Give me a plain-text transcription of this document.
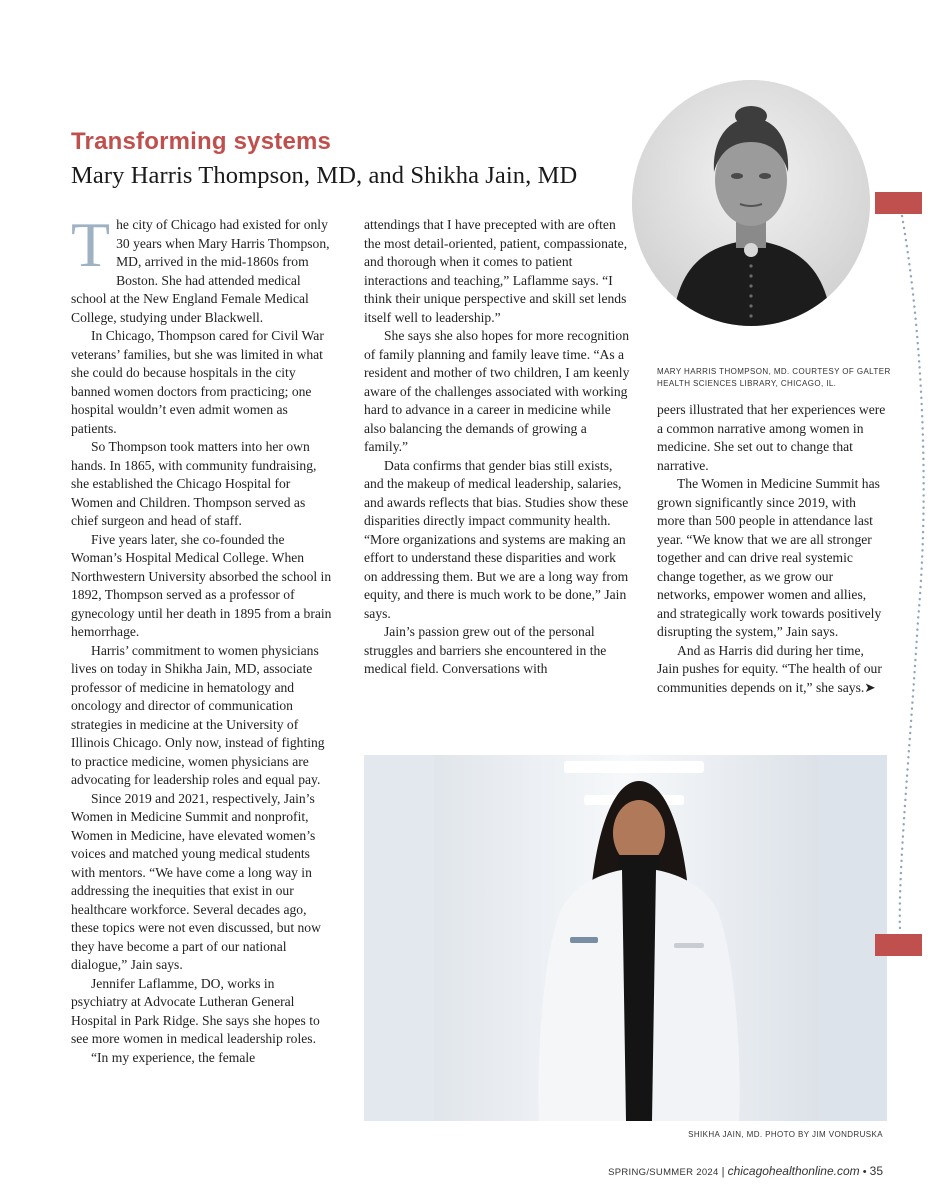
Transforming systems
Mary Harris Thompson, MD, and Shikha Jain, MD

The city of Chicago had existed for only 30 years when Mary Harris Thompson, MD, arrived in the mid-1860s from Boston. She had attended medical school at the New England Female Medical College, studying under Blackwell.

In Chicago, Thompson cared for Civil War veterans’ families, but she was limited in what she could do because hospitals in the city banned women doctors from practicing; one hospital wouldn’t even admit women as patients.

So Thompson took matters into her own hands. In 1865, with community fundraising, she established the Chicago Hospital for Women and Children. Thompson served as chief surgeon and head of staff.

Five years later, she co-founded the Woman’s Hospital Medical College. When Northwestern University absorbed the school in 1892, Thompson served as a professor of gynecology until her death in 1895 from a brain hemorrhage.

Harris’ commitment to women physicians lives on today in Shikha Jain, MD, associate professor of medicine in hematology and oncology and director of communication strategies in medicine at the University of Illinois Chicago. Only now, instead of fighting to practice medicine, women physicians are advocating for leadership roles and equal pay.

Since 2019 and 2021, respectively, Jain’s Women in Medicine Summit and nonprofit, Women in Medicine, have elevated women’s voices and matched young medical students with mentors. “We have come a long way in addressing the inequities that exist in our healthcare workforce. Several decades ago, these topics were not even discussed, but now they have become a part of our national dialogue,” Jain says.

Jennifer Laflamme, DO, works in psychiatry at Advocate Lutheran General Hospital in Park Ridge. She says she hopes to see more women in medical leadership roles.

“In my experience, the female

attendings that I have precepted with are often the most detail-oriented, patient, compassionate, and thorough when it comes to patient interactions and teaching,” Laflamme says. “I think their unique perspective and skill set lends itself well to leadership.”

She says she also hopes for more recognition of family planning and family leave time. “As a resident and mother of two children, I am keenly aware of the challenges associated with working hard to advance in a career in medicine while also balancing the demands of growing a family.”

Data confirms that gender bias still exists, and the makeup of medical leadership, salaries, and awards reflects that bias. Studies show these disparities directly impact community health. “More organizations and systems are making an effort to understand these disparities and work on addressing them. But we are a long way from equity, and there is much work to be done,” Jain says.

Jain’s passion grew out of the personal struggles and barriers she encountered in the medical field. Conversations with

peers illustrated that her experiences were a common narrative among women in medicine. She set out to change that narrative.

The Women in Medicine Summit has grown significantly since 2019, with more than 500 people in attendance last year. “We know that we are all stronger together and can drive real systemic change together, as we grow our networks, empower women and allies, and strategically work towards positively disrupting the system,” Jain says.

And as Harris did during her time, Jain pushes for equity. “The health of our communities depends on it,” she says.➤

MARY HARRIS THOMPSON, MD. COURTESY OF GALTER HEALTH SCIENCES LIBRARY, CHICAGO, IL.
SHIKHA JAIN, MD. PHOTO BY JIM VONDRUSKA
SPRING/SUMMER 2024 | chicagohealthonline.com • 35
